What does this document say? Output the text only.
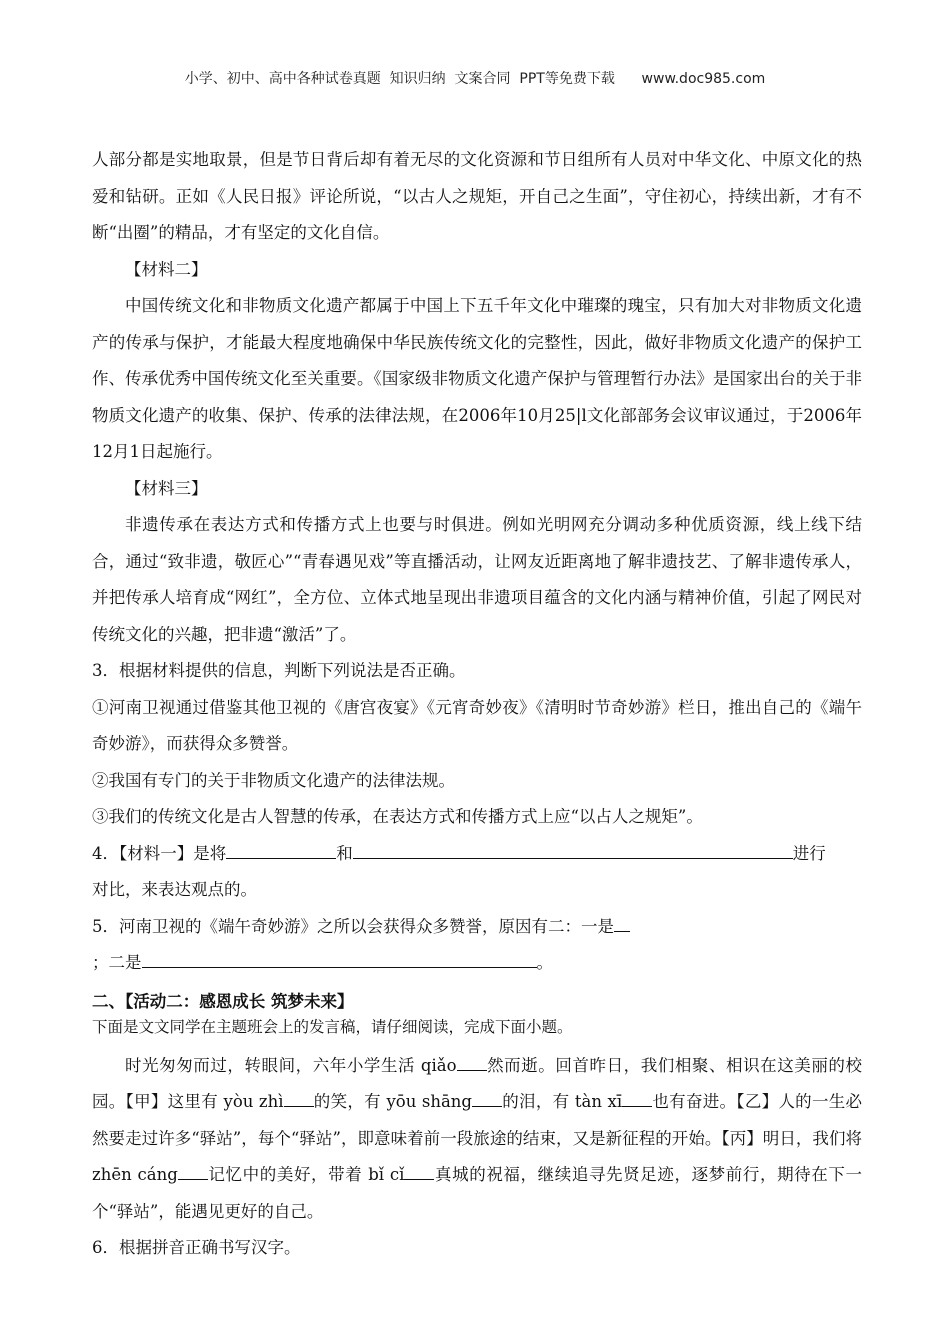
小学、初中、高中各种试卷真题  知识归纳  文案合同  PPT等免费下载      www.doc985.com

人部分都是实地取景，但是节日背后却有着无尽的文化资源和节日组所有人员对中华文化、中原文化的热爱和钻研。正如《人民日报》评论所说，“以古人之规矩，开自己之生面”，守住初心，持续出新，才有不断“出圈”的精品，才有坚定的文化自信。

【材料二】

中国传统文化和非物质文化遗产都属于中国上下五千年文化中璀璨的瑰宝，只有加大对非物质文化遗产的传承与保护，才能最大程度地确保中华民族传统文化的完整性，因此，做好非物质文化遗产的保护工作、传承优秀中国传统文化至关重要。《国家级非物质文化遗产保护与管理暂行办法》是国家出台的关于非物质文化遗产的收集、保护、传承的法律法规，在2006年10月25|l文化部部务会议审议通过，于2006年12月1日起施行。

【材料三】

非遗传承在表达方式和传播方式上也要与时俱进。例如光明网充分调动多种优质资源，线上线下结合，通过“致非遗，敬匠心”“青春遇见戏”等直播活动，让网友近距离地了解非遗技艺、了解非遗传承人，并把传承人培育成“网红”，全方位、立体式地呈现出非遗项目蕴含的文化内涵与精神价值，引起了网民对传统文化的兴趣，把非遗“激活”了。

3．根据材料提供的信息，判断下列说法是否正确。

①河南卫视通过借鉴其他卫视的《唐宫夜宴》《元宵奇妙夜》《清明时节奇妙游》栏日，推出自己的《端午奇妙游》，而获得众多赞誉。

②我国有专门的关于非物质文化遗产的法律法规。

③我们的传统文化是古人智慧的传承，在表达方式和传播方式上应“以占人之规矩”。

4．【材料一】是将	和	进行
对比，来表达观点的。

5．河南卫视的《端午奇妙游》之所以会获得众多赞誉，原因有二：一是
；二是	。

二、【活动二：感恩成长 筑梦未来】

下面是文文同学在主题班会上的发言稿，请仔细阅读，完成下面小题。

时光匆匆而过，转眼间，六年小学生活 qiǎo 然而逝。回首昨日，我们相聚、相识在这美丽的校园。【甲】这里有 yòu zhì 的笑，有 yōu shāng 的泪，有 tàn xī 也有奋进。【乙】人的一生必然要走过许多“驿站”，每个“驿站”，即意味着前一段旅途的结束，又是新征程的开始。【丙】明日，我们将 zhēn cáng 记忆中的美好，带着 bǐ cǐ 真城的祝福，继续追寻先贤足迹，逐梦前行，期待在下一个“驿站”，能遇见更好的自己。

6．根据拼音正确书写汉字。
